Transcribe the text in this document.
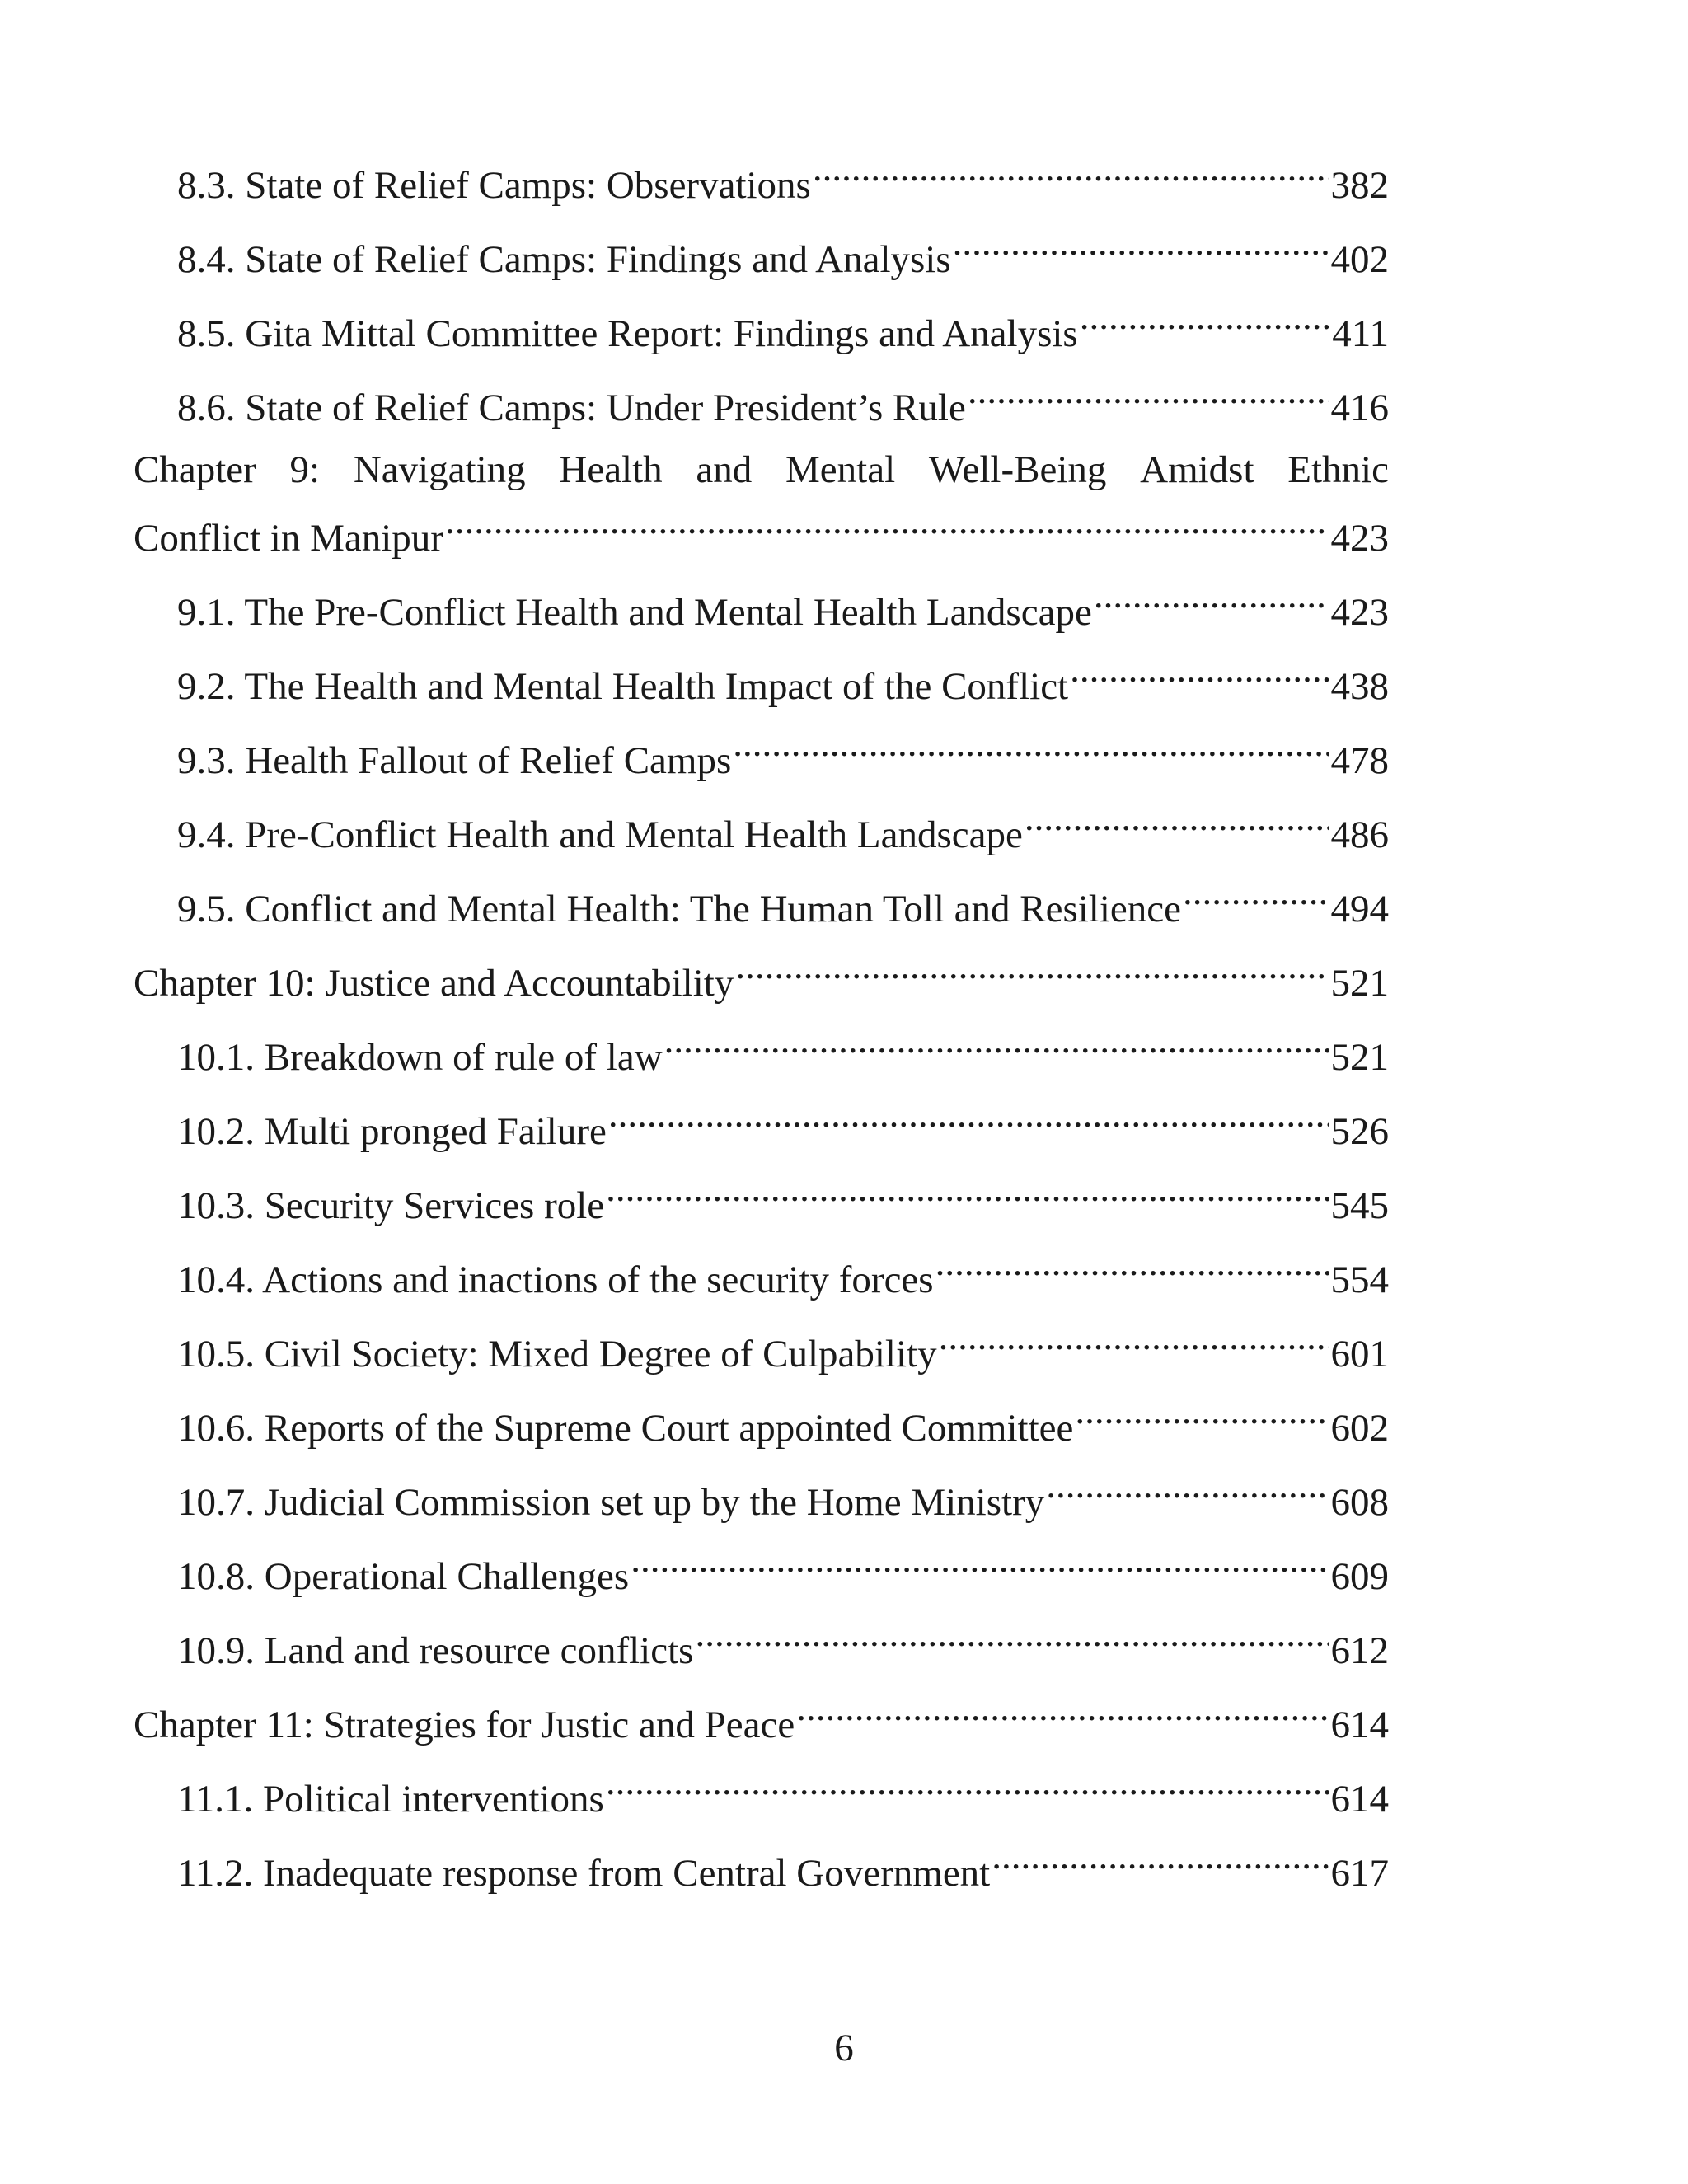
8.3. State of Relief Camps: Observations .....	382
8.4. State of Relief Camps: Findings and Analysis .....	402
8.5. Gita Mittal Committee Report: Findings and Analysis .....	411
8.6. State of Relief Camps: Under President’s Rule .....	416
Chapter 9: Navigating Health and Mental Well-Being Amidst Ethnic
Conflict in Manipur .....	423
9.1. The Pre-Conflict Health and Mental Health Landscape .....	423
9.2. The Health and Mental Health Impact of the Conflict .....	438
9.3. Health Fallout of Relief Camps .....	478
9.4. Pre-Conflict Health and Mental Health Landscape .....	486
9.5. Conflict and Mental Health: The Human Toll and Resilience .....	494
Chapter 10: Justice and Accountability .....	521
10.1. Breakdown of rule of law .....	521
10.2. Multi pronged Failure .....	526
10.3. Security Services role .....	545
10.4. Actions and inactions of the security forces .....	554
10.5. Civil Society: Mixed Degree of Culpability .....	601
10.6. Reports of the Supreme Court appointed Committee .....	602
10.7. Judicial Commission set up by the Home Ministry .....	608
10.8. Operational Challenges .....	609
10.9. Land and resource conflicts .....	612
Chapter 11: Strategies for Justic and Peace .....	614
11.1. Political interventions .....	614
11.2. Inadequate response from Central Government .....	617
6
